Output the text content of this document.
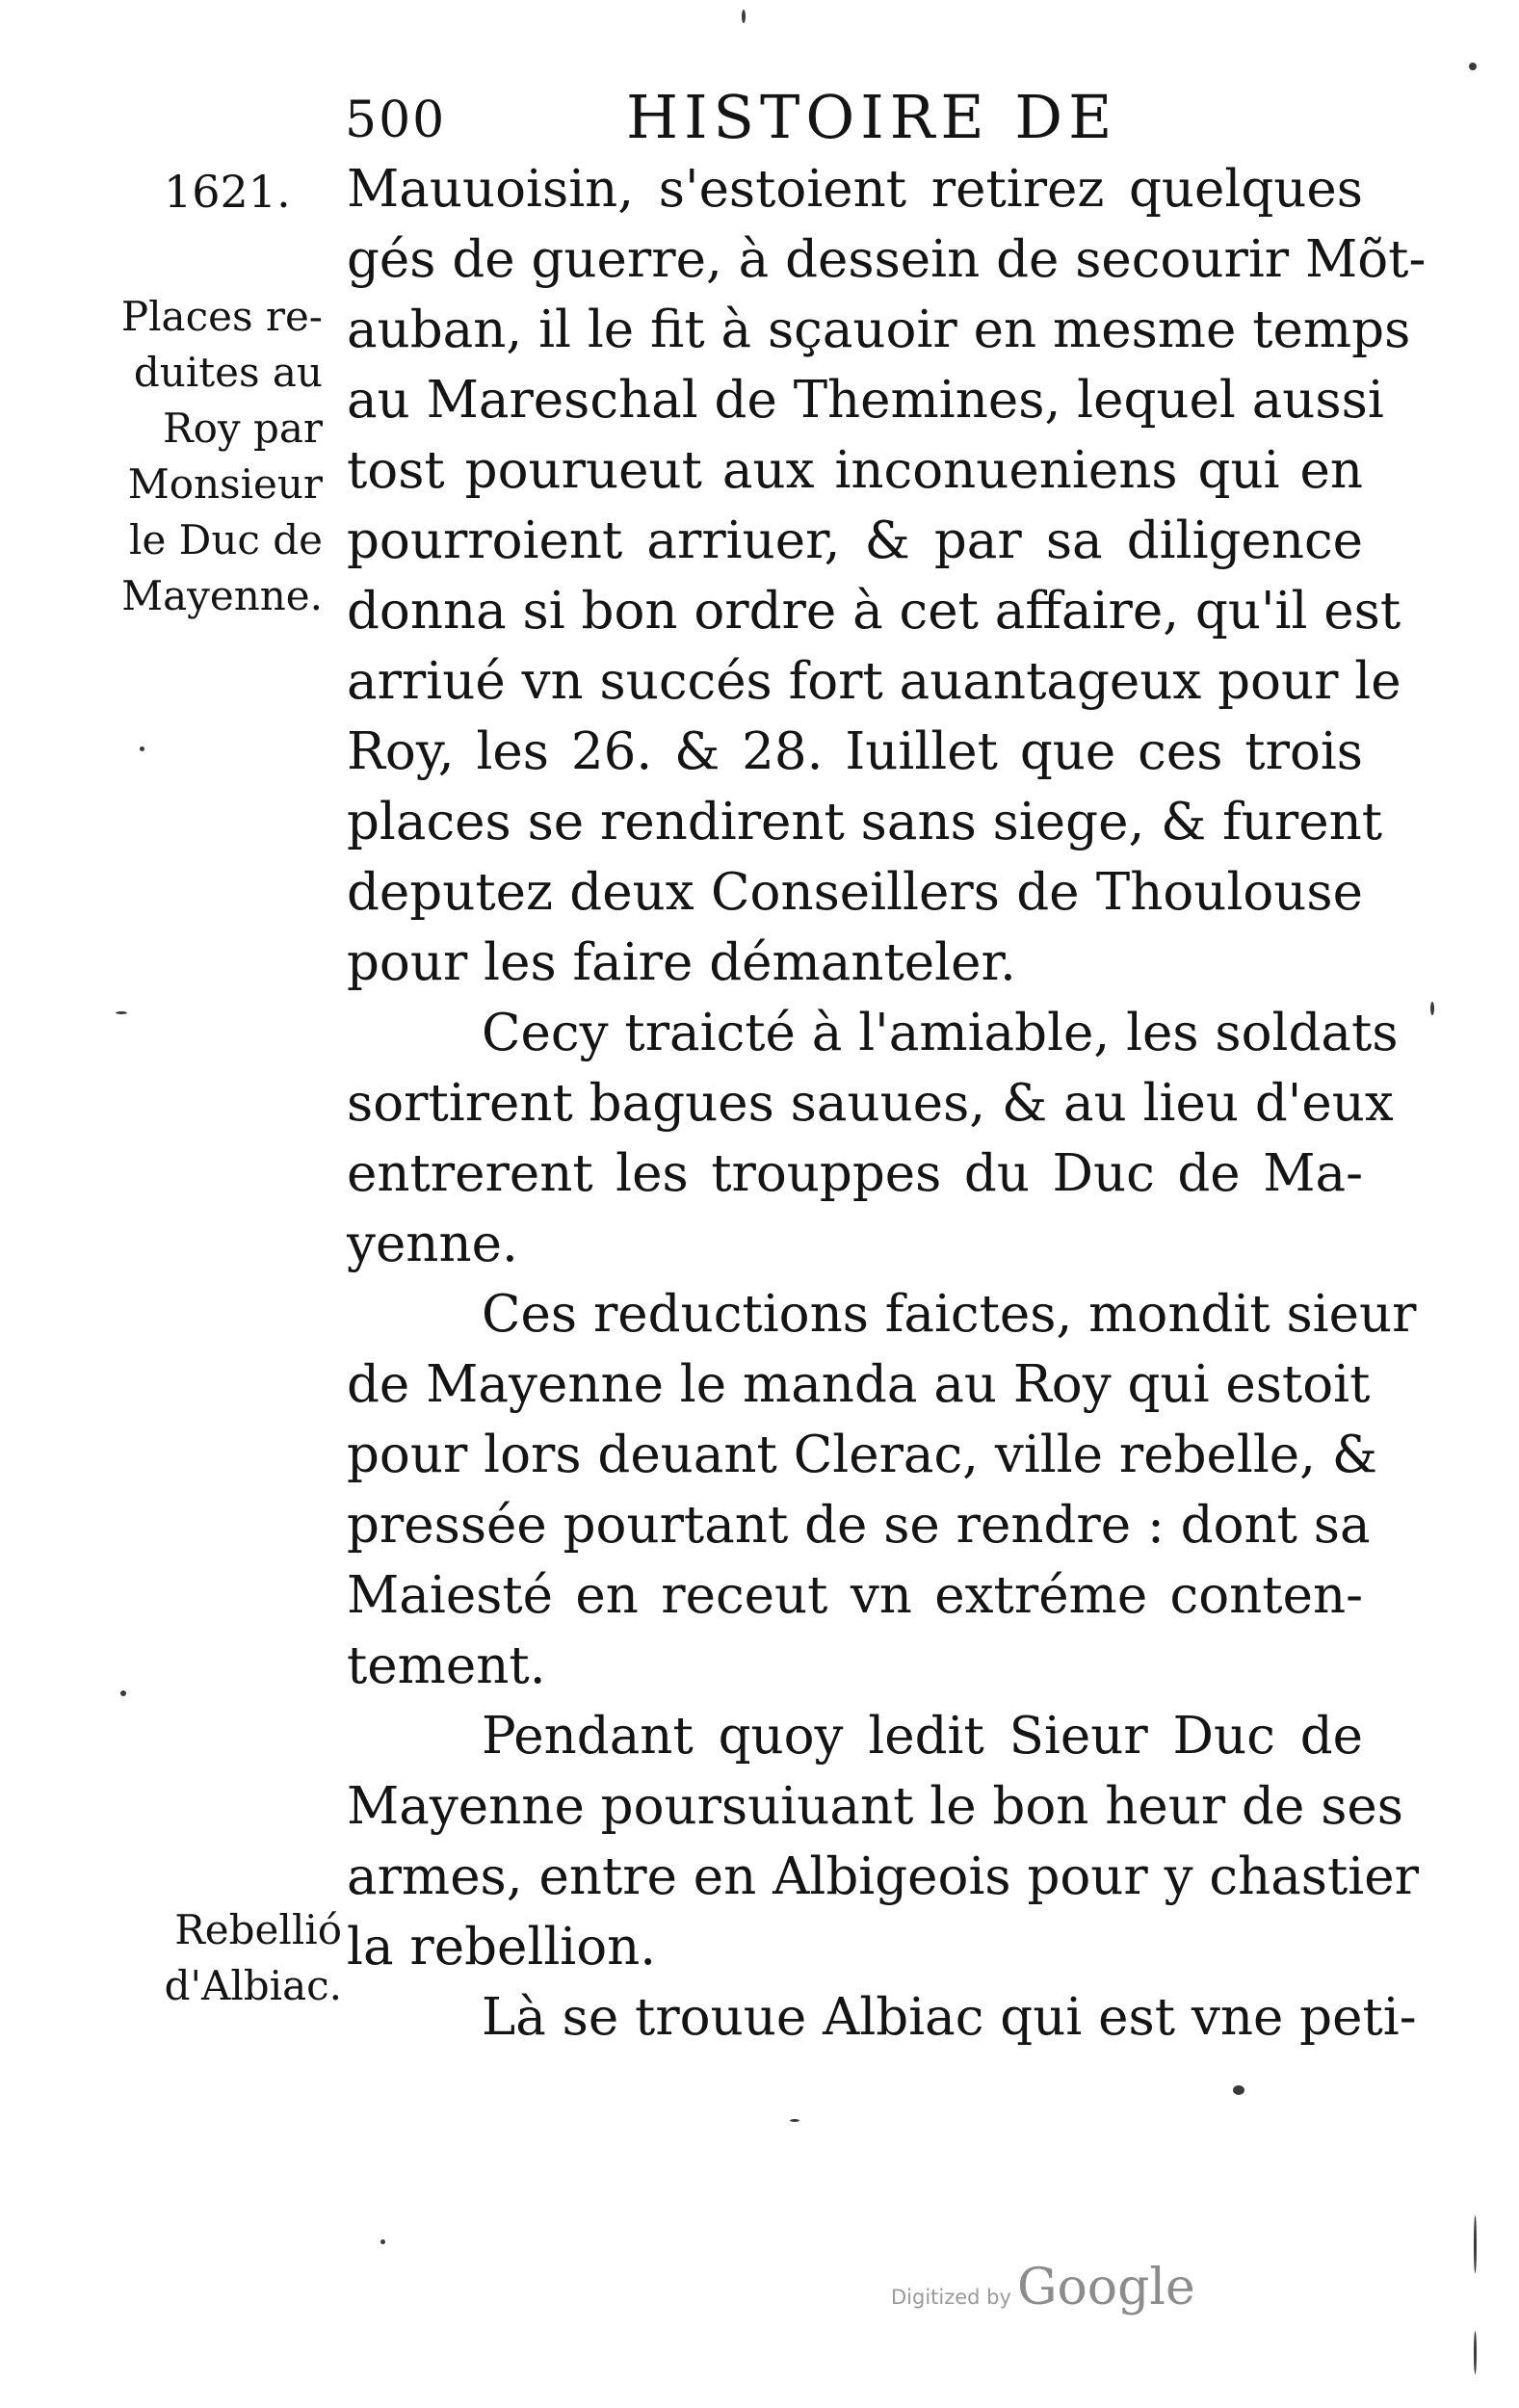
500	HISTOIRE DE
1621.
Places re-
duites au
Roy par
Monsieur
le Duc de
Mayenne.
Rebellió
d'Albiac.
Mauuoisin, s'estoient retirez quelques
gés de guerre, à dessein de secourir Mõt-
auban, il le fit à sçauoir en mesme temps
au Mareschal de Themines, lequel aussi
tost pourueut aux inconueniens qui en
pourroient arriuer, & par sa diligence
donna si bon ordre à cet affaire, qu'il est
arriué vn succés fort auantageux pour le
Roy, les 26. & 28. Iuillet que ces trois
places se rendirent sans siege, & furent
deputez deux Conseillers de Thoulouse
pour les faire démanteler.
Cecy traicté à l'amiable, les soldats
sortirent bagues sauues, & au lieu d'eux
entrerent les trouppes du Duc de Ma-
yenne.
Ces reductions faictes, mondit sieur
de Mayenne le manda au Roy qui estoit
pour lors deuant Clerac, ville rebelle, &
pressée pourtant de se rendre : dont sa
Maiesté en receut vn extréme conten-
tement.
Pendant quoy ledit Sieur Duc de
Mayenne poursuiuant le bon heur de ses
armes, entre en Albigeois pour y chastier
la rebellion.
Là se trouue Albiac qui est vne peti-
Digitized by Google
